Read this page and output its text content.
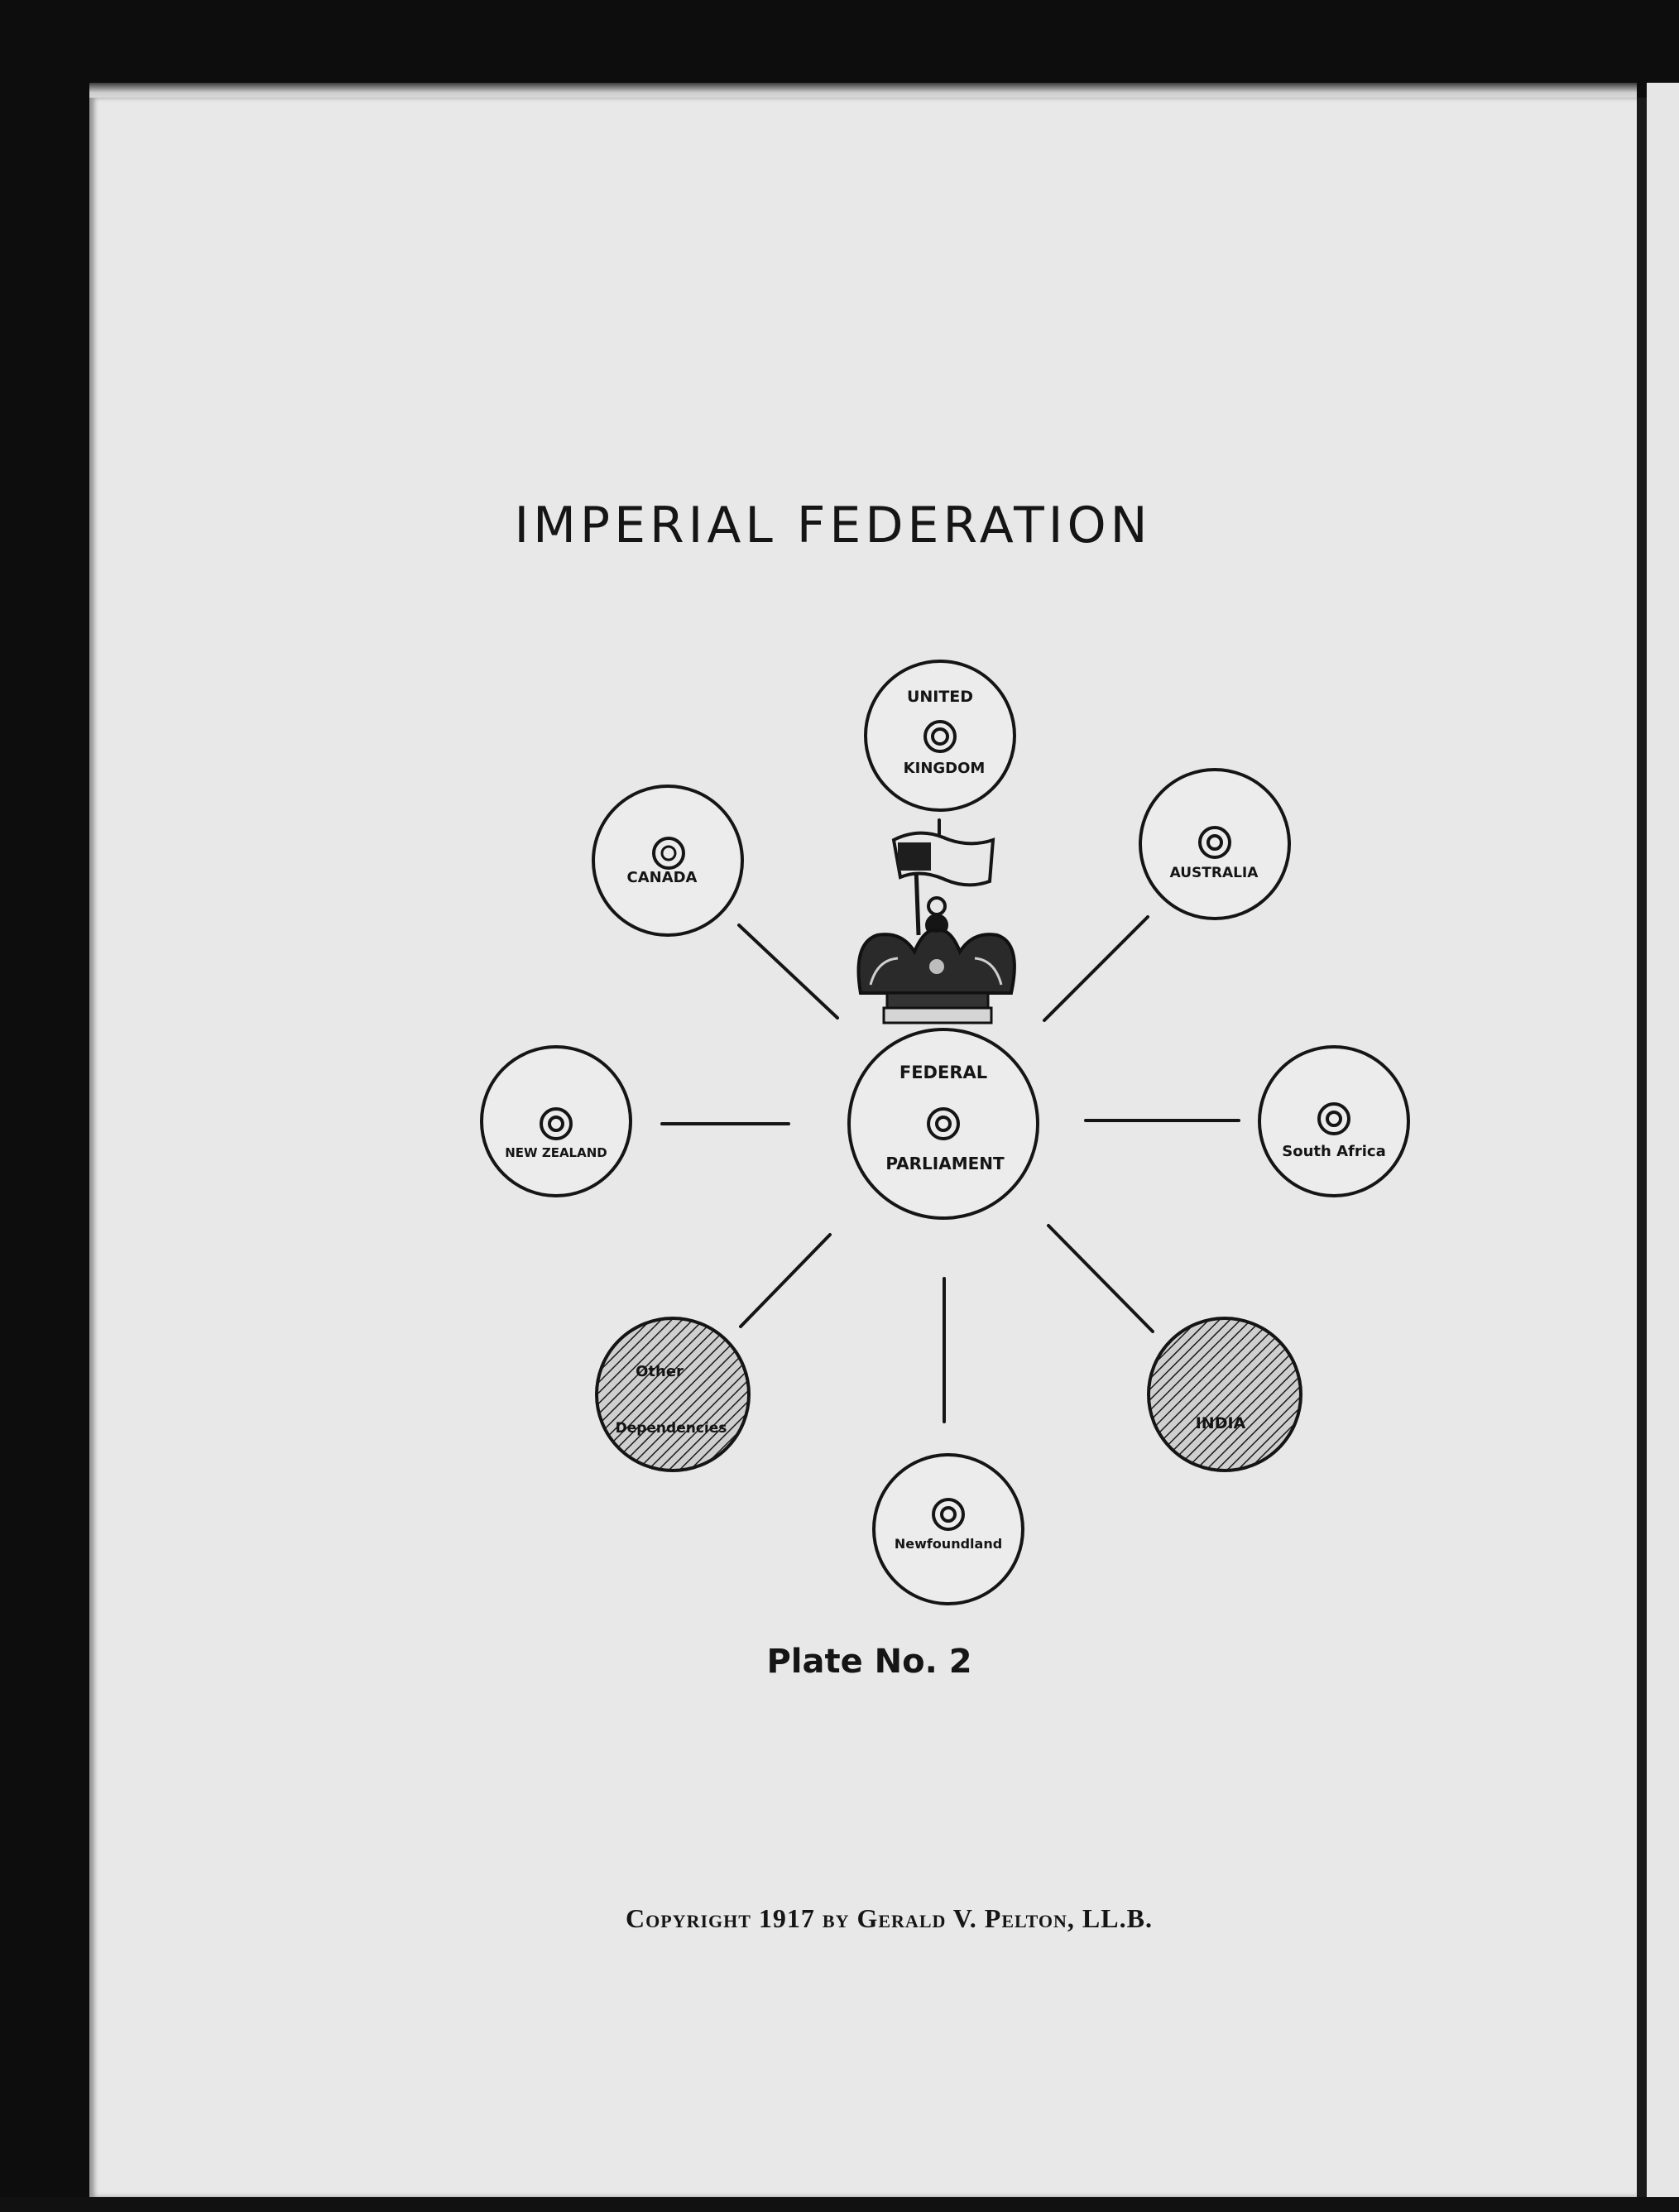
IMPERIAL FEDERATION
UNITED
KINGDOM
CANADA	AUSTRALIA
NEW ZEALAND
FEDERAL
PARLIAMENT
South Africa
Other
Dependencies	INDIA
Newfoundland
Plate No. 2
Copyright 1917 by Gerald V. Pelton, LL.B.
